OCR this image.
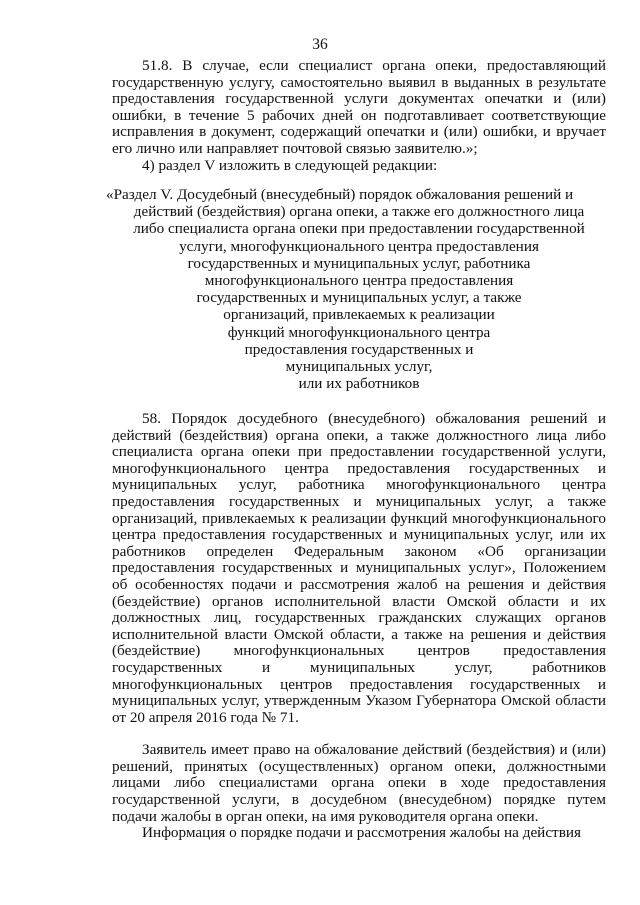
36

51.8. В случае, если специалист органа опеки, предоставляющий государственную услугу, самостоятельно выявил в выданных в результате предоставления государственной услуги документах опечатки и (или) ошибки, в течение 5 рабочих дней он подготавливает соответствующие исправления в документ, содержащий опечатки и (или) ошибки, и вручает его лично или направляет почтовой связью заявителю.»;

4) раздел V изложить в следующей редакции:

«Раздел V. Досудебный (внесудебный) порядок обжалования решений и
действий (бездействия) органа опеки, а также его должностного лица
либо специалиста органа опеки при предоставлении государственной
услуги, многофункционального центра предоставления
государственных и муниципальных услуг, работника
многофункционального центра предоставления
государственных и муниципальных услуг, а также
организаций, привлекаемых к реализации
функций многофункционального центра
предоставления государственных и
муниципальных услуг,
или их работников

58. Порядок досудебного (внесудебного) обжалования решений и действий (бездействия) органа опеки, а также должностного лица либо специалиста органа опеки при предоставлении государственной услуги, многофункционального центра предоставления государственных и муниципальных услуг, работника многофункционального центра предоставления государственных и муниципальных услуг, а также организаций, привлекаемых к реализации функций многофункционального центра предоставления государственных и муниципальных услуг, или их работников определен Федеральным законом «Об организации предоставления государственных и муниципальных услуг», Положением об особенностях подачи и рассмотрения жалоб на решения и действия (бездействие) органов исполнительной власти Омской области и их должностных лиц, государственных гражданских служащих органов исполнительной власти Омской области, а также на решения и действия (бездействие) многофункциональных центров предоставления государственных и муниципальных услуг, работников многофункциональных центров предоставления государственных и муниципальных услуг, утвержденным Указом Губернатора Омской области от 20 апреля 2016 года № 71.

Заявитель имеет право на обжалование действий (бездействия) и (или) решений, принятых (осуществленных) органом опеки, должностными лицами либо специалистами органа опеки в ходе предоставления государственной услуги, в досудебном (внесудебном) порядке путем подачи жалобы в орган опеки, на имя руководителя органа опеки.

Информация о порядке подачи и рассмотрения жалобы на действия
